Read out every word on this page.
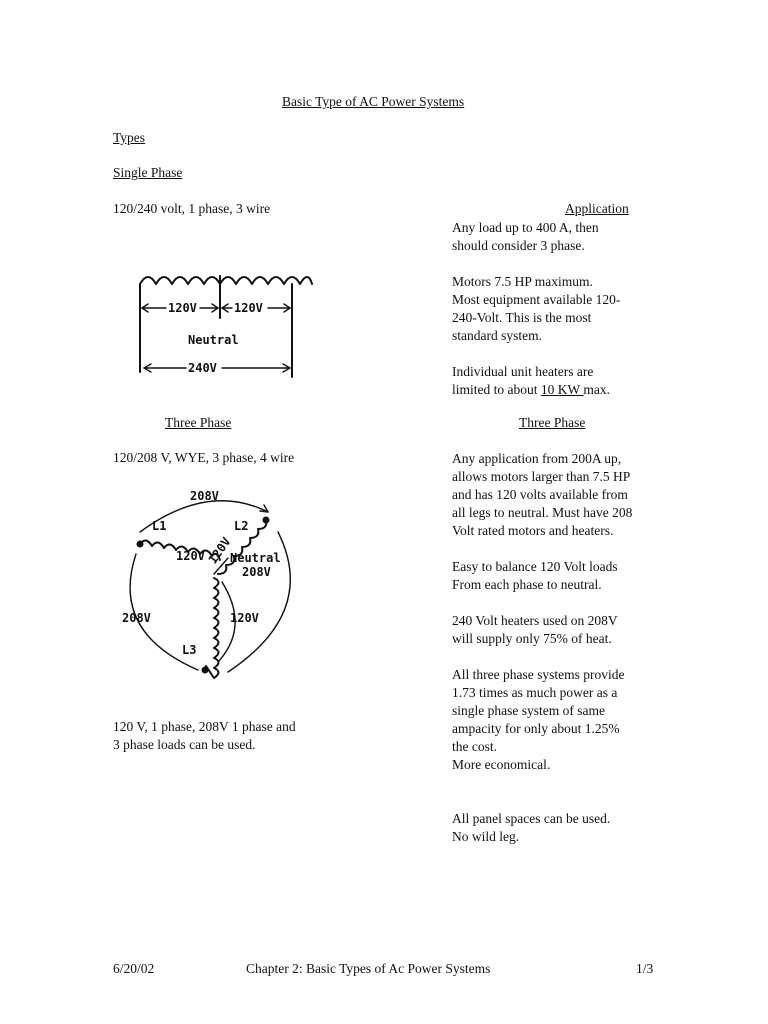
Basic Type of AC Power Systems
Types
Single Phase
120/240 volt, 1 phase, 3 wire	Application
Any load up to 400 A, then
should consider 3 phase.

Motors 7.5 HP maximum.
Most equipment available 120-
240-Volt. This is the most
standard system.

Individual unit heaters are
limited to about 10 KW max.
120V	120V
Neutral
240V
Three Phase	Three Phase
120/208 V, WYE, 3 phase, 4 wire	Any application from 200A up,
allows motors larger than 7.5 HP
and has 120 volts available from
all legs to neutral. Must have 208
Volt rated motors and heaters.

Easy to balance 120 Volt loads
From each phase to neutral.

240 Volt heaters used on 208V
will supply only 75% of heat.

All three phase systems provide
1.73 times as much power as a
single phase system of same
ampacity for only about 1.25%
the cost.
More economical.

All panel spaces can be used.
No wild leg.
208V
L1	L2
120V
120V Neutral
208V
L3
208V	120V
120 V, 1 phase, 208V 1 phase and
3 phase loads can be used.
6/20/02	Chapter 2: Basic Types of Ac Power Systems	1/3
